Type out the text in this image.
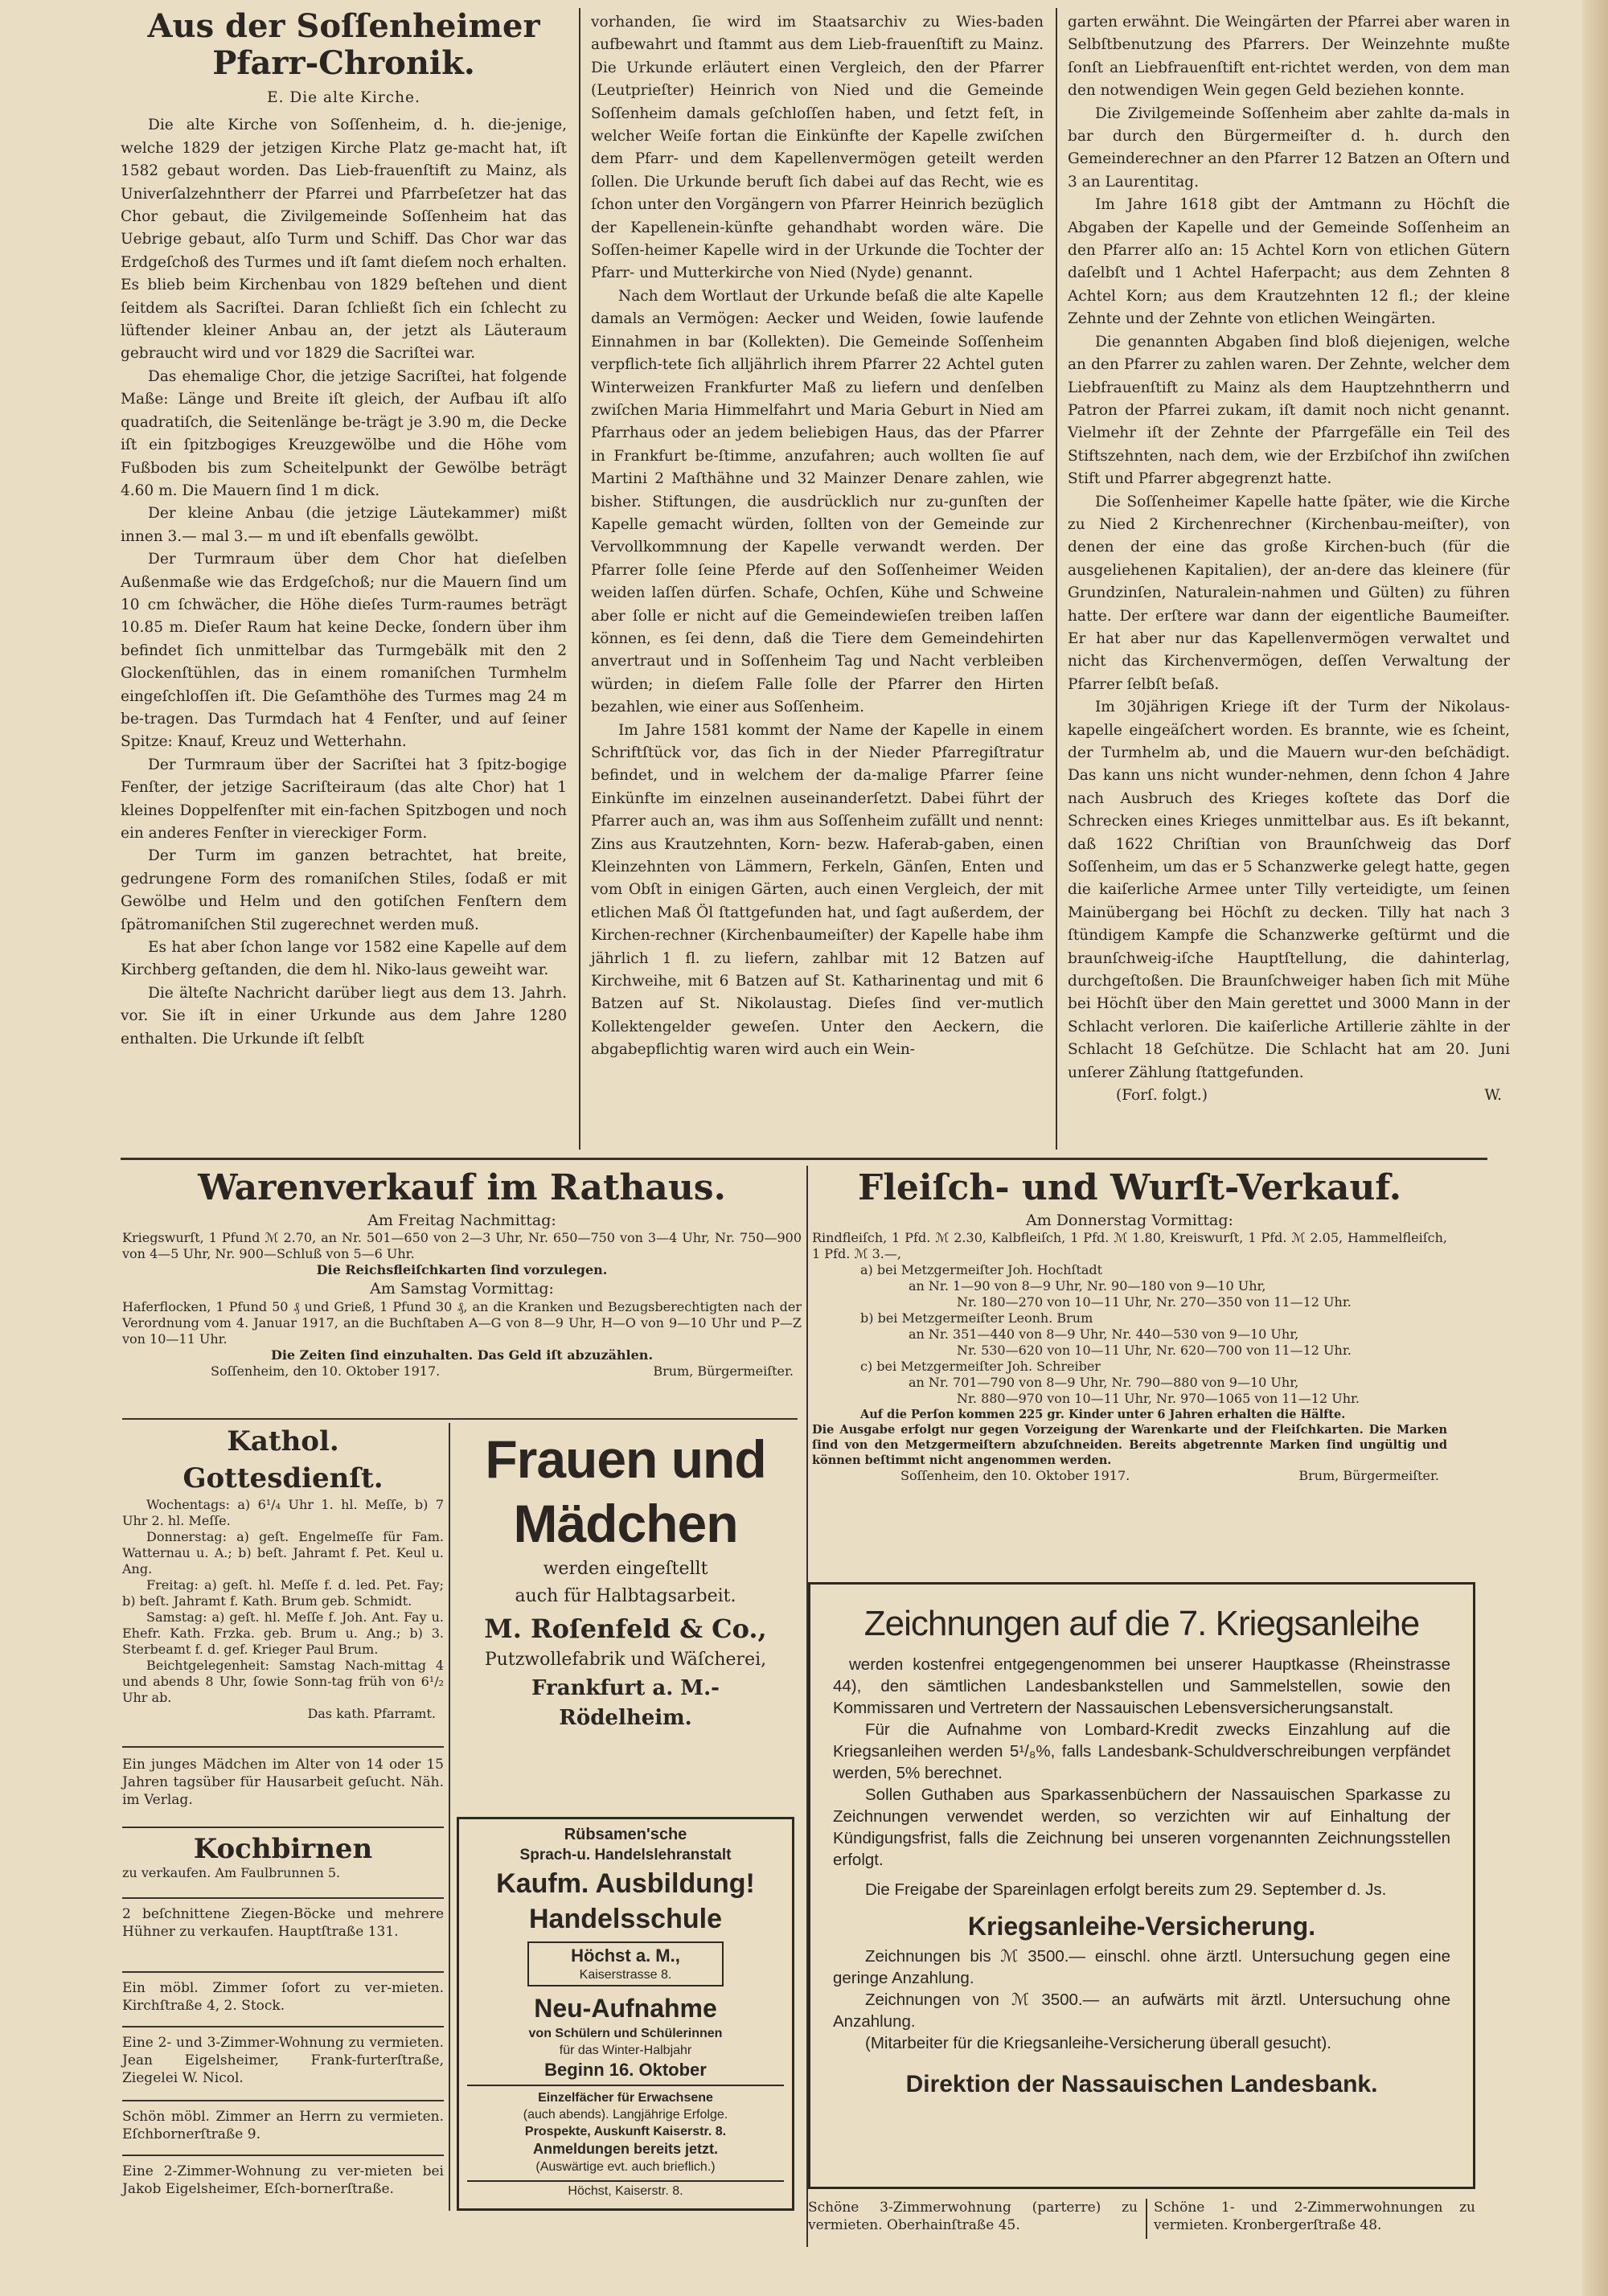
Aus der Soſſenheimer Pfarr-Chronik.

E. Die alte Kirche.

Die alte Kirche von Soſſenheim, d. h. die-jenige, welche 1829 der jetzigen Kirche Platz ge-macht hat, iſt 1582 gebaut worden. Das Lieb-frauenſtift zu Mainz, als Univerſalzehntherr der Pfarrei und Pfarrbeſetzer hat das Chor gebaut, die Zivilgemeinde Soſſenheim hat das Uebrige gebaut, alſo Turm und Schiff. Das Chor war das Erdgeſchoß des Turmes und iſt ſamt dieſem noch erhalten. Es blieb beim Kirchenbau von 1829 beſtehen und dient ſeitdem als Sacriſtei. Daran ſchließt ſich ein ſchlecht zu lüftender kleiner Anbau an, der jetzt als Läuteraum gebraucht wird und vor 1829 die Sacriſtei war.

Das ehemalige Chor, die jetzige Sacriſtei, hat folgende Maße: Länge und Breite iſt gleich, der Aufbau iſt alſo quadratiſch, die Seitenlänge be-trägt je 3.90 m, die Decke iſt ein ſpitzbogiges Kreuzgewölbe und die Höhe vom Fußboden bis zum Scheitelpunkt der Gewölbe beträgt 4.60 m. Die Mauern ſind 1 m dick.

Der kleine Anbau (die jetzige Läutekammer) mißt innen 3.— mal 3.— m und iſt ebenfalls gewölbt.

Der Turmraum über dem Chor hat dieſelben Außenmaße wie das Erdgeſchoß; nur die Mauern ſind um 10 cm ſchwächer, die Höhe dieſes Turm-raumes beträgt 10.85 m. Dieſer Raum hat keine Decke, ſondern über ihm befindet ſich unmittelbar das Turmgebälk mit den 2 Glockenſtühlen, das in einem romaniſchen Turmhelm eingeſchloſſen iſt. Die Geſamthöhe des Turmes mag 24 m be-tragen. Das Turmdach hat 4 Fenſter, und auf ſeiner Spitze: Knauf, Kreuz und Wetterhahn.

Der Turmraum über der Sacriſtei hat 3 ſpitz-bogige Fenſter, der jetzige Sacriſteiraum (das alte Chor) hat 1 kleines Doppelfenſter mit ein-fachen Spitzbogen und noch ein anderes Fenſter in viereckiger Form.

Der Turm im ganzen betrachtet, hat breite, gedrungene Form des romaniſchen Stiles, ſodaß er mit Gewölbe und Helm und den gotiſchen Fenſtern dem ſpätromaniſchen Stil zugerechnet werden muß.

Es hat aber ſchon lange vor 1582 eine Kapelle auf dem Kirchberg geſtanden, die dem hl. Niko-laus geweiht war.

Die älteſte Nachricht darüber liegt aus dem 13. Jahrh. vor. Sie iſt in einer Urkunde aus dem Jahre 1280 enthalten. Die Urkunde iſt ſelbſt

vorhanden, ſie wird im Staatsarchiv zu Wies-baden aufbewahrt und ſtammt aus dem Lieb-frauenſtift zu Mainz. Die Urkunde erläutert einen Vergleich, den der Pfarrer (Leutprieſter) Heinrich von Nied und die Gemeinde Soſſenheim damals geſchloſſen haben, und ſetzt feſt, in welcher Weiſe fortan die Einkünfte der Kapelle zwiſchen dem Pfarr- und dem Kapellenvermögen geteilt werden ſollen. Die Urkunde beruft ſich dabei auf das Recht, wie es ſchon unter den Vorgängern von Pfarrer Heinrich bezüglich der Kapellenein-künfte gehandhabt worden wäre. Die Soſſen-heimer Kapelle wird in der Urkunde die Tochter der Pfarr- und Mutterkirche von Nied (Nyde) genannt.

Nach dem Wortlaut der Urkunde beſaß die alte Kapelle damals an Vermögen: Aecker und Weiden, ſowie laufende Einnahmen in bar (Kollekten). Die Gemeinde Soſſenheim verpflich-tete ſich alljährlich ihrem Pfarrer 22 Achtel guten Winterweizen Frankfurter Maß zu liefern und denſelben zwiſchen Maria Himmelfahrt und Maria Geburt in Nied am Pfarrhaus oder an jedem beliebigen Haus, das der Pfarrer in Frankfurt be-ſtimme, anzufahren; auch wollten ſie auf Martini 2 Maſthähne und 32 Mainzer Denare zahlen, wie bisher. Stiftungen, die ausdrücklich nur zu-gunſten der Kapelle gemacht würden, ſollten von der Gemeinde zur Vervollkommnung der Kapelle verwandt werden. Der Pfarrer ſolle ſeine Pferde auf den Soſſenheimer Weiden weiden laſſen dürfen. Schafe, Ochſen, Kühe und Schweine aber ſolle er nicht auf die Gemeindewieſen treiben laſſen können, es ſei denn, daß die Tiere dem Gemeindehirten anvertraut und in Soſſenheim Tag und Nacht verbleiben würden; in dieſem Falle ſolle der Pfarrer den Hirten bezahlen, wie einer aus Soſſenheim.

Im Jahre 1581 kommt der Name der Kapelle in einem Schriftſtück vor, das ſich in der Nieder Pfarregiſtratur befindet, und in welchem der da-malige Pfarrer ſeine Einkünfte im einzelnen auseinanderſetzt. Dabei führt der Pfarrer auch an, was ihm aus Soſſenheim zufällt und nennt: Zins aus Krautzehnten, Korn- bezw. Haferab-gaben, einen Kleinzehnten von Lämmern, Ferkeln, Gänſen, Enten und vom Obſt in einigen Gärten, auch einen Vergleich, der mit etlichen Maß Öl ſtattgefunden hat, und ſagt außerdem, der Kirchen-rechner (Kirchenbaumeiſter) der Kapelle habe ihm jährlich 1 fl. zu liefern, zahlbar mit 12 Batzen auf Kirchweihe, mit 6 Batzen auf St. Katharinentag und mit 6 Batzen auf St. Nikolaustag. Dieſes ſind ver-mutlich Kollektengelder geweſen. Unter den Aeckern, die abgabepflichtig waren wird auch ein Wein-

garten erwähnt. Die Weingärten der Pfarrei aber waren in Selbſtbenutzung des Pfarrers. Der Weinzehnte mußte ſonſt an Liebfrauenſtift ent-richtet werden, von dem man den notwendigen Wein gegen Geld beziehen konnte.

Die Zivilgemeinde Soſſenheim aber zahlte da-mals in bar durch den Bürgermeiſter d. h. durch den Gemeinderechner an den Pfarrer 12 Batzen an Oſtern und 3 an Laurentitag.

Im Jahre 1618 gibt der Amtmann zu Höchſt die Abgaben der Kapelle und der Gemeinde Soſſenheim an den Pfarrer alſo an: 15 Achtel Korn von etlichen Gütern daſelbſt und 1 Achtel Haferpacht; aus dem Zehnten 8 Achtel Korn; aus dem Krautzehnten 12 fl.; der kleine Zehnte und der Zehnte von etlichen Weingärten.

Die genannten Abgaben ſind bloß diejenigen, welche an den Pfarrer zu zahlen waren. Der Zehnte, welcher dem Liebfrauenſtift zu Mainz als dem Hauptzehntherrn und Patron der Pfarrei zukam, iſt damit noch nicht genannt. Vielmehr iſt der Zehnte der Pfarrgefälle ein Teil des Stiftszehnten, nach dem, wie der Erzbiſchof ihn zwiſchen Stift und Pfarrer abgegrenzt hatte.

Die Soſſenheimer Kapelle hatte ſpäter, wie die Kirche zu Nied 2 Kirchenrechner (Kirchenbau-meiſter), von denen der eine das große Kirchen-buch (für die ausgeliehenen Kapitalien), der an-dere das kleinere (für Grundzinſen, Naturalein-nahmen und Gülten) zu führen hatte. Der erſtere war dann der eigentliche Baumeiſter. Er hat aber nur das Kapellenvermögen verwaltet und nicht das Kirchenvermögen, deſſen Verwaltung der Pfarrer ſelbſt beſaß.

Im 30jährigen Kriege iſt der Turm der Nikolaus-kapelle eingeäſchert worden. Es brannte, wie es ſcheint, der Turmhelm ab, und die Mauern wur-den beſchädigt. Das kann uns nicht wunder-nehmen, denn ſchon 4 Jahre nach Ausbruch des Krieges koſtete das Dorf die Schrecken eines Krieges unmittelbar aus. Es iſt bekannt, daß 1622 Chriſtian von Braunſchweig das Dorf Soſſenheim, um das er 5 Schanzwerke gelegt hatte, gegen die kaiſerliche Armee unter Tilly verteidigte, um ſeinen Mainübergang bei Höchſt zu decken. Tilly hat nach 3 ſtündigem Kampfe die Schanzwerke geſtürmt und die braunſchweig-iſche Hauptſtellung, die dahinterlag, durchgeſtoßen. Die Braunſchweiger haben ſich mit Mühe bei Höchſt über den Main gerettet und 3000 Mann in der Schlacht verloren. Die kaiſerliche Artillerie zählte in der Schlacht 18 Geſchütze. Die Schlacht hat am 20. Juni unſerer Zählung ſtattgefunden.

(Forſ. folgt.)	W.
Warenverkauf im Rathaus.
Am Freitag Nachmittag:
Kriegswurſt, 1 Pfund ℳ 2.70, an Nr. 501—650 von 2—3 Uhr, Nr. 650—750 von 3—4 Uhr, Nr. 750—900 von 4—5 Uhr, Nr. 900—Schluß von 5—6 Uhr.
Die Reichsfleiſchkarten ſind vorzulegen.
Am Samstag Vormittag:
Haferflocken, 1 Pfund 50 ₰ und Grieß, 1 Pfund 30 ₰, an die Kranken und Bezugsberechtigten nach der Verordnung vom 4. Januar 1917, an die Buchſtaben A—G von 8—9 Uhr, H—O von 9—10 Uhr und P—Z von 10—11 Uhr.
Die Zeiten ſind einzuhalten. Das Geld iſt abzuzählen.
Soſſenheim, den 10. Oktober 1917.	Brum, Bürgermeiſter.
Fleiſch- und Wurſt-Verkauf.
Am Donnerstag Vormittag:
Rindfleiſch, 1 Pfd. ℳ 2.30, Kalbfleiſch, 1 Pfd. ℳ 1.80, Kreiswurſt, 1 Pfd. ℳ 2.05, Hammelfleiſch, 1 Pfd. ℳ 3.—,
a) bei Metzgermeiſter Joh. Hochſtadt
an Nr. 1—90 von 8—9 Uhr, Nr. 90—180 von 9—10 Uhr,
Nr. 180—270 von 10—11 Uhr, Nr. 270—350 von 11—12 Uhr.
b) bei Metzgermeiſter Leonh. Brum
an Nr. 351—440 von 8—9 Uhr, Nr. 440—530 von 9—10 Uhr,
Nr. 530—620 von 10—11 Uhr, Nr. 620—700 von 11—12 Uhr.
c) bei Metzgermeiſter Joh. Schreiber
an Nr. 701—790 von 8—9 Uhr, Nr. 790—880 von 9—10 Uhr,
Nr. 880—970 von 10—11 Uhr, Nr. 970—1065 von 11—12 Uhr.
Auf die Perſon kommen 225 gr. Kinder unter 6 Jahren erhalten die Hälfte.
Die Ausgabe erfolgt nur gegen Vorzeigung der Warenkarte und der Fleiſchkarten. Die Marken ſind von den Metzgermeiſtern abzuſchneiden. Bereits abgetrennte Marken ſind ungültig und können beſtimmt nicht angenommen werden.
Soſſenheim, den 10. Oktober 1917.	Brum, Bürgermeiſter.
Kathol. Gottesdienſt.
Wochentags: a) 6¹/₄ Uhr 1. hl. Meſſe, b) 7 Uhr 2. hl. Meſſe.
Donnerstag: a) geſt. Engelmeſſe für Fam. Watternau u. A.; b) beſt. Jahramt f. Pet. Keul u. Ang.
Freitag: a) geſt. hl. Meſſe f. d. led. Pet. Fay; b) beſt. Jahramt f. Kath. Brum geb. Schmidt.
Samstag: a) geſt. hl. Meſſe f. Joh. Ant. Fay u. Ehefr. Kath. Frzka. geb. Brum u. Ang.; b) 3. Sterbeamt f. d. gef. Krieger Paul Brum.
Beichtgelegenheit: Samstag Nach-mittag 4 und abends 8 Uhr, ſowie Sonn-tag früh von 6¹/₂ Uhr ab.
Das kath. Pfarramt.
Ein junges Mädchen im Alter von 14 oder 15 Jahren tagsüber für Hausarbeit geſucht. Näh. im Verlag.
Kochbirnen
zu verkaufen. Am Faulbrunnen 5.
2 beſchnittene Ziegen-Böcke und mehrere Hühner zu verkaufen. Hauptſtraße 131.
Ein möbl. Zimmer ſofort zu ver-mieten. Kirchſtraße 4, 2. Stock.
Eine 2- und 3-Zimmer-Wohnung zu vermieten. Jean Eigelsheimer, Frank-furterſtraße, Ziegelei W. Nicol.
Schön möbl. Zimmer an Herrn zu vermieten. Eſchbornerſtraße 9.
Eine 2-Zimmer-Wohnung zu ver-mieten bei Jakob Eigelsheimer, Eſch-bornerſtraße.
Frauen und
Mädchen
werden eingeſtellt
auch für Halbtagsarbeit.
M. Roſenfeld & Co.,
Putzwollefabrik und Wäſcherei,
Frankfurt a. M.-
Rödelheim.
Rübsamen'sche
Sprach-u. Handelslehranstalt
Kaufm. Ausbildung!
Handelsschule
Höchst a. M.,
Kaiserstrasse 8.
Neu-Aufnahme
von Schülern und Schülerinnen
für das Winter-Halbjahr
Beginn 16. Oktober
Einzelfächer für Erwachsene
(auch abends). Langjährige Erfolge.
Prospekte, Auskunft Kaiserstr. 8.
Anmeldungen bereits jetzt.
(Auswärtige evt. auch brieflich.)
Höchst, Kaiserstr. 8.
Zeichnungen auf die 7. Kriegsanleihe
werden kostenfrei entgegengenommen bei unserer Hauptkasse (Rheinstrasse 44), den sämtlichen Landesbankstellen und Sammelstellen, sowie den Kommissaren und Vertretern der Nassauischen Lebensversicherungsanstalt.
Für die Aufnahme von Lombard-Kredit zwecks Einzahlung auf die Kriegsanleihen werden 5¹/₈%, falls Landesbank-Schuldverschreibungen verpfändet werden, 5% berechnet.
Sollen Guthaben aus Sparkassenbüchern der Nassauischen Sparkasse zu Zeichnungen verwendet werden, so verzichten wir auf Einhaltung der Kündigungsfrist, falls die Zeichnung bei unseren vorgenannten Zeichnungsstellen erfolgt.
Die Freigabe der Spareinlagen erfolgt bereits zum 29. September d. Js.
Kriegsanleihe-Versicherung.
Zeichnungen bis ℳ 3500.— einschl. ohne ärztl. Untersuchung gegen eine geringe Anzahlung.
Zeichnungen von ℳ 3500.— an aufwärts mit ärztl. Untersuchung ohne Anzahlung.
(Mitarbeiter für die Kriegsanleihe-Versicherung überall gesucht).
Direktion der Nassauischen Landesbank.
Schöne 3-Zimmerwohnung (parterre) zu vermieten. Oberhainſtraße 45.
Schöne 1- und 2-Zimmerwohnungen zu vermieten. Kronbergerſtraße 48.
